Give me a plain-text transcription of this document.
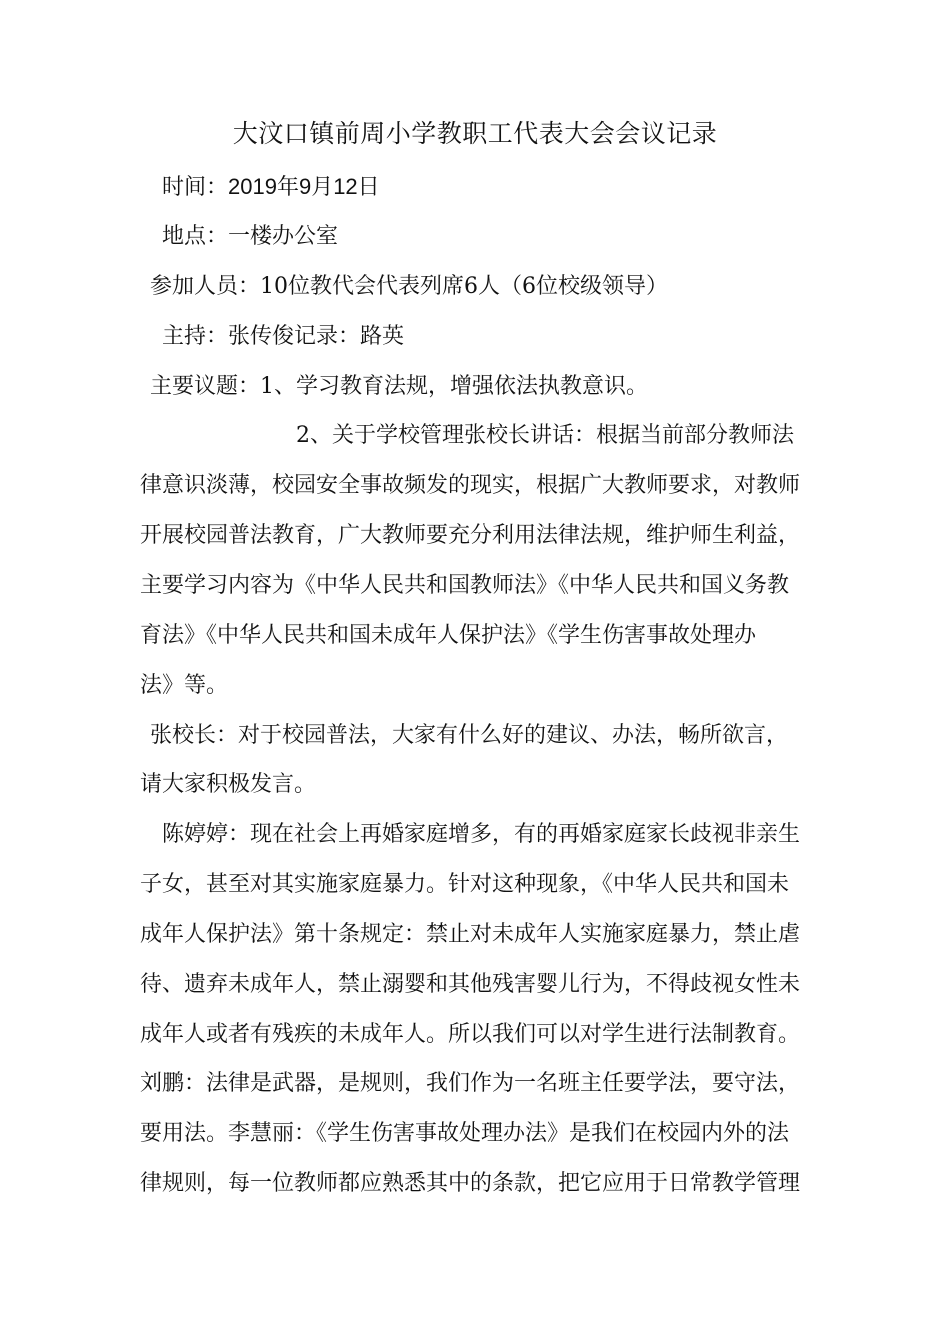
大汶口镇前周小学教职工代表大会会议记录
时间：2019年9月12日
地点：一楼办公室
参加人员：10位教代会代表列席6人（6位校级领导）
主持：张传俊记录：路英
主要议题：1、学习教育法规，增强依法执教意识。
2、关于学校管理张校长讲话：根据当前部分教师法
律意识淡薄，校园安全事故频发的现实，根据广大教师要求，对教师
开展校园普法教育，广大教师要充分利用法律法规，维护师生利益，
主要学习内容为《中华人民共和国教师法》《中华人民共和国义务教
育法》《中华人民共和国未成年人保护法》《学生伤害事故处理办
法》等。
张校长：对于校园普法，大家有什么好的建议、办法，畅所欲言，
请大家积极发言。
陈婷婷：现在社会上再婚家庭增多，有的再婚家庭家长歧视非亲生
子女，甚至对其实施家庭暴力。针对这种现象，《中华人民共和国未
成年人保护法》第十条规定：禁止对未成年人实施家庭暴力，禁止虐
待、遗弃未成年人，禁止溺婴和其他残害婴儿行为，不得歧视女性未
成年人或者有残疾的未成年人。所以我们可以对学生进行法制教育。
刘鹏：法律是武器，是规则，我们作为一名班主任要学法，要守法，
要用法。李慧丽：《学生伤害事故处理办法》是我们在校园内外的法
律规则，每一位教师都应熟悉其中的条款，把它应用于日常教学管理
